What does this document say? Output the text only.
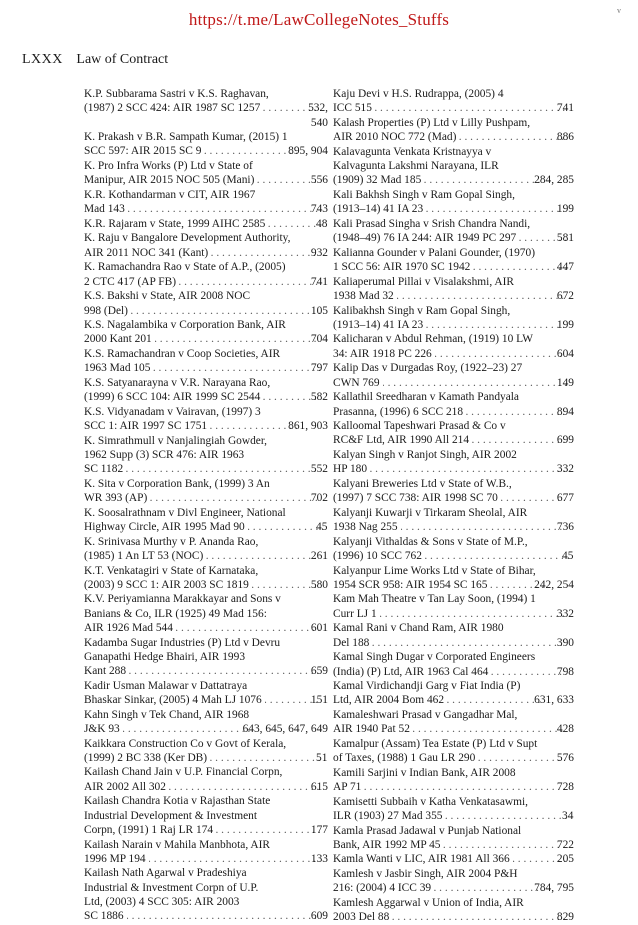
https://t.me/LawCollegeNotes_Stuffs	v
LXXX Law of Contract
K.P. Subbarama Sastri v K.S. Raghavan,
(1987) 2 SCC 424: AIR 1987 SC 1257 . . .	532,
540
K. Prakash v B.R. Sampath Kumar, (2015) 1
SCC 597: AIR 2015 SC 9 . . .	895, 904
K. Pro Infra Works (P) Ltd v State of
Manipur, AIR 2015 NOC 505 (Mani) . . .	556
K.R. Kothandarman v CIT, AIR 1967
Mad 143 . . .	743
K.R. Rajaram v State, 1999 AIHC 2585 . . .	48
K. Raju v Bangalore Development Authority,
AIR 2011 NOC 341 (Kant) . . .	932
K. Ramachandra Rao v State of A.P., (2005)
2 CTC 417 (AP FB) . . .	741
K.S. Bakshi v State, AIR 2008 NOC
998 (Del) . . .	105
K.S. Nagalambika v Corporation Bank, AIR
2000 Kant 201 . . .	704
K.S. Ramachandran v Coop Societies, AIR
1963 Mad 105 . . .	797
K.S. Satyanarayna v V.R. Narayana Rao,
(1999) 6 SCC 104: AIR 1999 SC 2544 . . .	582
K.S. Vidyanadam v Vairavan, (1997) 3
SCC 1: AIR 1997 SC 1751 . . .	861, 903
K. Simrathmull v Nanjalingiah Gowder,
1962 Supp (3) SCR 476: AIR 1963
SC 1182 . . .	552
K. Sita v Corporation Bank, (1999) 3 An
WR 393 (AP) . . .	702
K. Soosalrathnam v Divl Engineer, National
Highway Circle, AIR 1995 Mad 90 . . .	45
K. Srinivasa Murthy v P. Ananda Rao,
(1985) 1 An LT 53 (NOC) . . .	261
K.T. Venkatagiri v State of Karnataka,
(2003) 9 SCC 1: AIR 2003 SC 1819 . . .	580
K.V. Periyamianna Marakkayar and Sons v
Banians & Co, ILR (1925) 49 Mad 156:
AIR 1926 Mad 544 . . .	601
Kadamba Sugar Industries (P) Ltd v Devru
Ganapathi Hedge Bhairi, AIR 1993
Kant 288 . . .	659
Kadir Usman Malawar v Dattatraya
Bhaskar Sinkar, (2005) 4 Mah LJ 1076 . . .	151
Kahn Singh v Tek Chand, AIR 1968
J&K 93 . . .	643, 645, 647, 649
Kaikkara Construction Co v Govt of Kerala,
(1999) 2 BC 338 (Ker DB) . . .	51
Kailash Chand Jain v U.P. Financial Corpn,
AIR 2002 All 302 . . .	615
Kailash Chandra Kotia v Rajasthan State
Industrial Development & Investment
Corpn, (1991) 1 Raj LR 174 . . .	177
Kailash Narain v Mahila Manbhota, AIR
1996 MP 194 . . .	133
Kailash Nath Agarwal v Pradeshiya
Industrial & Investment Corpn of U.P.
Ltd, (2003) 4 SCC 305: AIR 2003
SC 1886 . . .	609
Kaju Devi v H.S. Rudrappa, (2005) 4
ICC 515 . . .	741
Kalash Properties (P) Ltd v Lilly Pushpam,
AIR 2010 NOC 772 (Mad) . . .	886
Kalavagunta Venkata Kristnayya v
Kalvagunta Lakshmi Narayana, ILR
(1909) 32 Mad 185 . . .	284, 285
Kali Bakhsh Singh v Ram Gopal Singh,
(1913–14) 41 IA 23 . . .	199
Kali Prasad Singha v Srish Chandra Nandi,
(1948–49) 76 IA 244: AIR 1949 PC 297 . . .	581
Kalianna Gounder v Palani Gounder, (1970)
1 SCC 56: AIR 1970 SC 1942 . . .	447
Kaliaperumal Pillai v Visalakshmi, AIR
1938 Mad 32 . . .	672
Kalibakhsh Singh v Ram Gopal Singh,
(1913–14) 41 IA 23 . . .	199
Kalicharan v Abdul Rehman, (1919) 10 LW
34: AIR 1918 PC 226 . . .	604
Kalip Das v Durgadas Roy, (1922–23) 27
CWN 769 . . .	149
Kallathil Sreedharan v Kamath Pandyala
Prasanna, (1996) 6 SCC 218 . . .	894
Kalloomal Tapeshwari Prasad & Co v
RC&F Ltd, AIR 1990 All 214 . . .	699
Kalyan Singh v Ranjot Singh, AIR 2002
HP 180 . . .	332
Kalyani Breweries Ltd v State of W.B.,
(1997) 7 SCC 738: AIR 1998 SC 70 . . .	677
Kalyanji Kuwarji v Tirkaram Sheolal, AIR
1938 Nag 255 . . .	736
Kalyanji Vithaldas & Sons v State of M.P.,
(1996) 10 SCC 762 . . .	45
Kalyanpur Lime Works Ltd v State of Bihar,
1954 SCR 958: AIR 1954 SC 165 . . .	242, 254
Kam Mah Theatre v Tan Lay Soon, (1994) 1
Curr LJ 1 . . .	332
Kamal Rani v Chand Ram, AIR 1980
Del 188 . . .	390
Kamal Singh Dugar v Corporated Engineers
(India) (P) Ltd, AIR 1963 Cal 464 . . .	798
Kamal Virdichandji Garg v Fiat India (P)
Ltd, AIR 2004 Bom 462 . . .	631, 633
Kamaleshwari Prasad v Gangadhar Mal,
AIR 1940 Pat 52 . . .	428
Kamalpur (Assam) Tea Estate (P) Ltd v Supt
of Taxes, (1988) 1 Gau LR 290 . . .	576
Kamili Sarjini v Indian Bank, AIR 2008
AP 71 . . .	728
Kamisetti Subbaih v Katha Venkatasawmi,
ILR (1903) 27 Mad 355 . . .	34
Kamla Prasad Jadawal v Punjab National
Bank, AIR 1992 MP 45 . . .	722
Kamla Wanti v LIC, AIR 1981 All 366 . . .	205
Kamlesh v Jasbir Singh, AIR 2004 P&H
216: (2004) 4 ICC 39 . . .	784, 795
Kamlesh Aggarwal v Union of India, AIR
2003 Del 88 . . .	829
